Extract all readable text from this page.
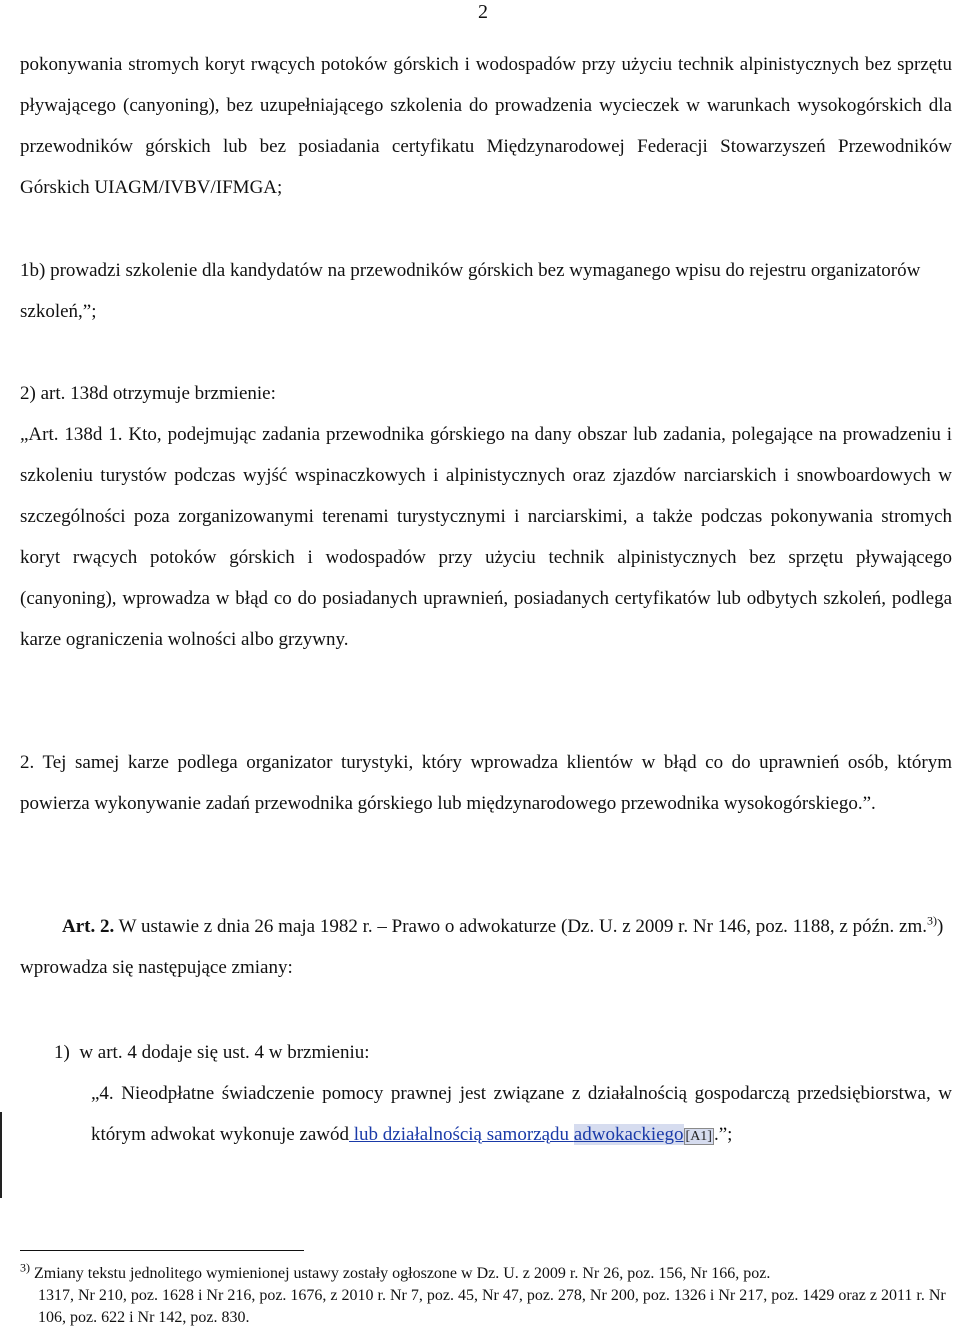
2
pokonywania stromych koryt rwących potoków górskich i wodospadów przy użyciu technik alpinistycznych bez sprzętu pływającego (canyoning), bez uzupełniającego szkolenia do prowadzenia wycieczek w warunkach wysokogórskich dla przewodników górskich lub bez posiadania certyfikatu Międzynarodowej Federacji Stowarzyszeń Przewodników Górskich UIAGM/IVBV/IFMGA;
1b) prowadzi szkolenie dla kandydatów na przewodników górskich bez wymaganego wpisu do rejestru organizatorów szkoleń,”;
2) art. 138d otrzymuje brzmienie:
„Art. 138d 1. Kto, podejmując zadania przewodnika górskiego na dany obszar lub zadania, polegające na prowadzeniu i szkoleniu turystów podczas wyjść wspinaczkowych i alpinistycznych oraz zjazdów narciarskich i snowboardowych w szczególności poza zorganizowanymi terenami turystycznymi i narciarskimi, a także podczas pokonywania stromych koryt rwących potoków górskich i wodospadów przy użyciu technik alpinistycznych bez sprzętu pływającego (canyoning), wprowadza w błąd co do posiadanych uprawnień, posiadanych certyfikatów lub odbytych szkoleń, podlega karze ograniczenia wolności albo grzywny.
2. Tej samej karze podlega organizator turystyki, który wprowadza klientów w błąd co do uprawnień osób, którym powierza wykonywanie zadań przewodnika górskiego lub międzynarodowego przewodnika wysokogórskiego.”.
Art. 2. W ustawie z dnia 26 maja 1982 r. – Prawo o adwokaturze (Dz. U. z 2009 r. Nr 146, poz. 1188, z późn. zm.$^{3)}$) wprowadza się następujące zmiany:
1)  w art. 4 dodaje się ust. 4 w brzmieniu:
„4. Nieodpłatne świadczenie pomocy prawnej jest związane z działalnością gospodarczą przedsiębiorstwa, w którym adwokat wykonuje zawód lub działalnością samorządu adwokackiego [A1] .”;
$^{3)}$ Zmiany tekstu jednolitego wymienionej ustawy zostały ogłoszone w Dz. U. z 2009 r. Nr 26, poz. 156, Nr 166, poz.
1317, Nr 210, poz. 1628 i Nr 216, poz. 1676, z 2010 r. Nr 7, poz. 45, Nr 47, poz. 278, Nr 200, poz. 1326 i Nr 217, poz. 1429 oraz z 2011 r. Nr 106, poz. 622 i Nr 142, poz. 830.
